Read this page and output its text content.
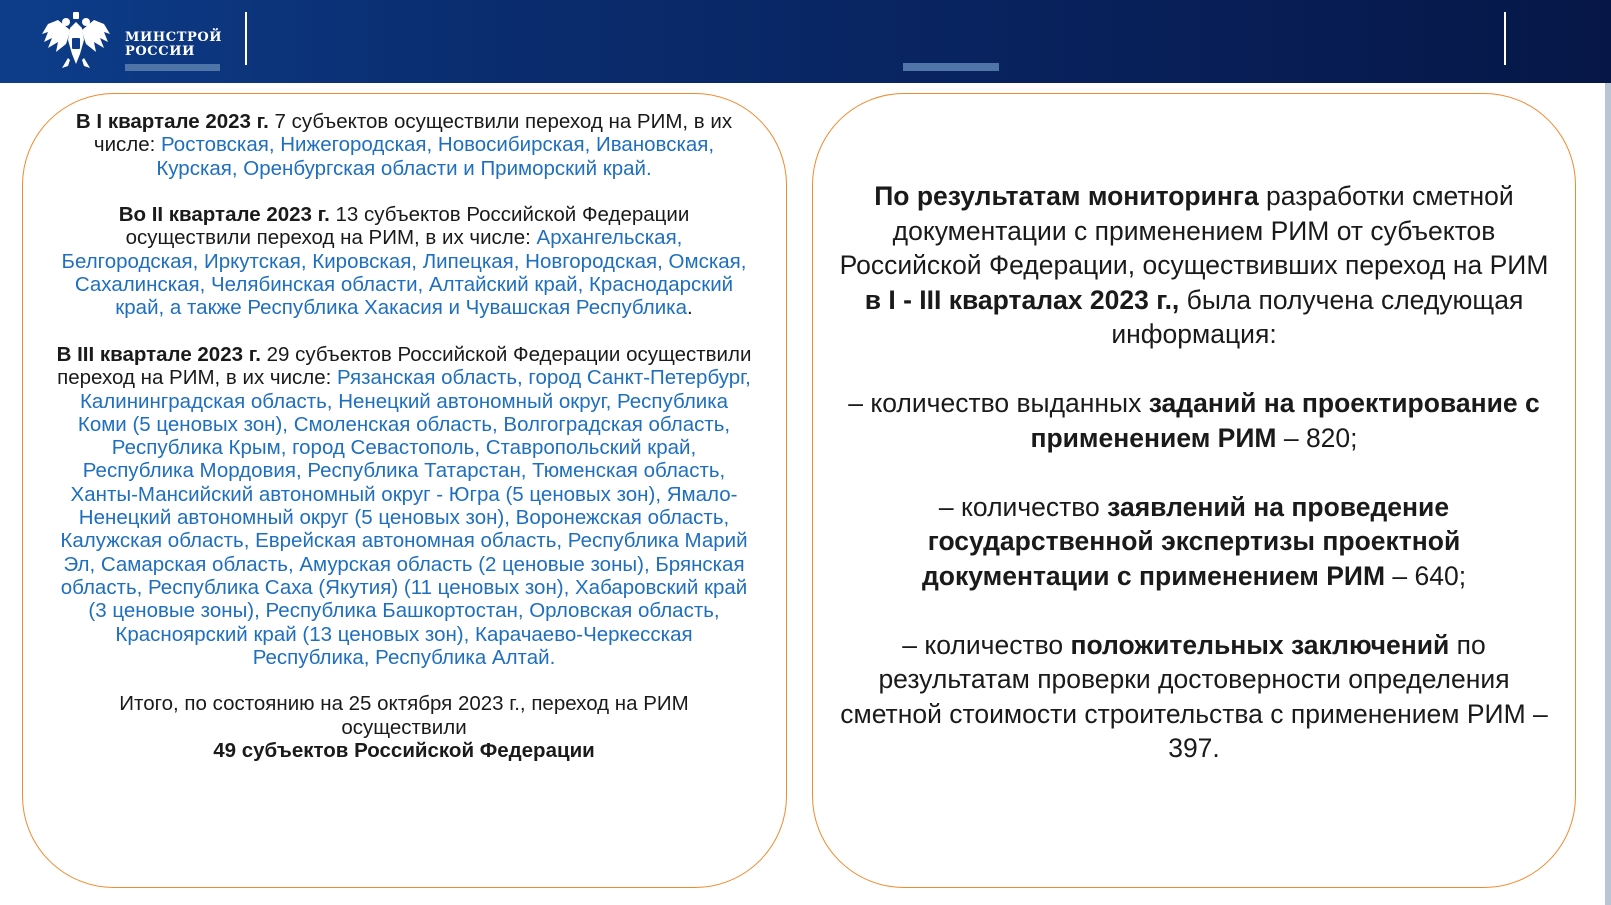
МИНСТРОЙ
РОССИИ

В I квартале 2023 г. 7 субъектов осуществили переход на РИМ, в их числе: Ростовская, Нижегородская, Новосибирская, Ивановская, Курская, Оренбургская области и Приморский край.

Во II квартале 2023 г. 13 субъектов Российской Федерации осуществили переход на РИМ, в их числе: Архангельская, Белгородская, Иркутская, Кировская, Липецкая, Новгородская, Омская, Сахалинская, Челябинская области, Алтайский край, Краснодарский край, а также Республика Хакасия и Чувашская Республика.

В III квартале 2023 г. 29 субъектов Российской Федерации осуществили переход на РИМ, в их числе: Рязанская область, город Санкт-Петербург, Калининградская область, Ненецкий автономный округ, Республика Коми (5 ценовых зон), Смоленская область, Волгоградская область, Республика Крым, город Севастополь, Ставропольский край, Республика Мордовия, Республика Татарстан, Тюменская область, Ханты-Мансийский автономный округ - Югра (5 ценовых зон), Ямало-Ненецкий автономный округ (5 ценовых зон), Воронежская область, Калужская область, Еврейская автономная область, Республика Марий Эл, Самарская область, Амурская область (2 ценовые зоны), Брянская область, Республика Саха (Якутия) (11 ценовых зон), Хабаровский край (3 ценовые зоны), Республика Башкортостан, Орловская область, Красноярский край (13 ценовых зон), Карачаево-Черкесская Республика, Республика Алтай.

Итого, по состоянию на 25 октября 2023 г., переход на РИМ осуществили
49 субъектов Российской Федерации

По результатам мониторинга разработки сметной документации с применением РИМ от субъектов Российской Федерации, осуществивших переход на РИМ
в I - III кварталах 2023 г., была получена следующая информация:

– количество выданных заданий на проектирование с применением РИМ – 820;

– количество заявлений на проведение государственной экспертизы проектной документации с применением РИМ – 640;

– количество положительных заключений по результатам проверки достоверности определения сметной стоимости строительства с применением РИМ – 397.
